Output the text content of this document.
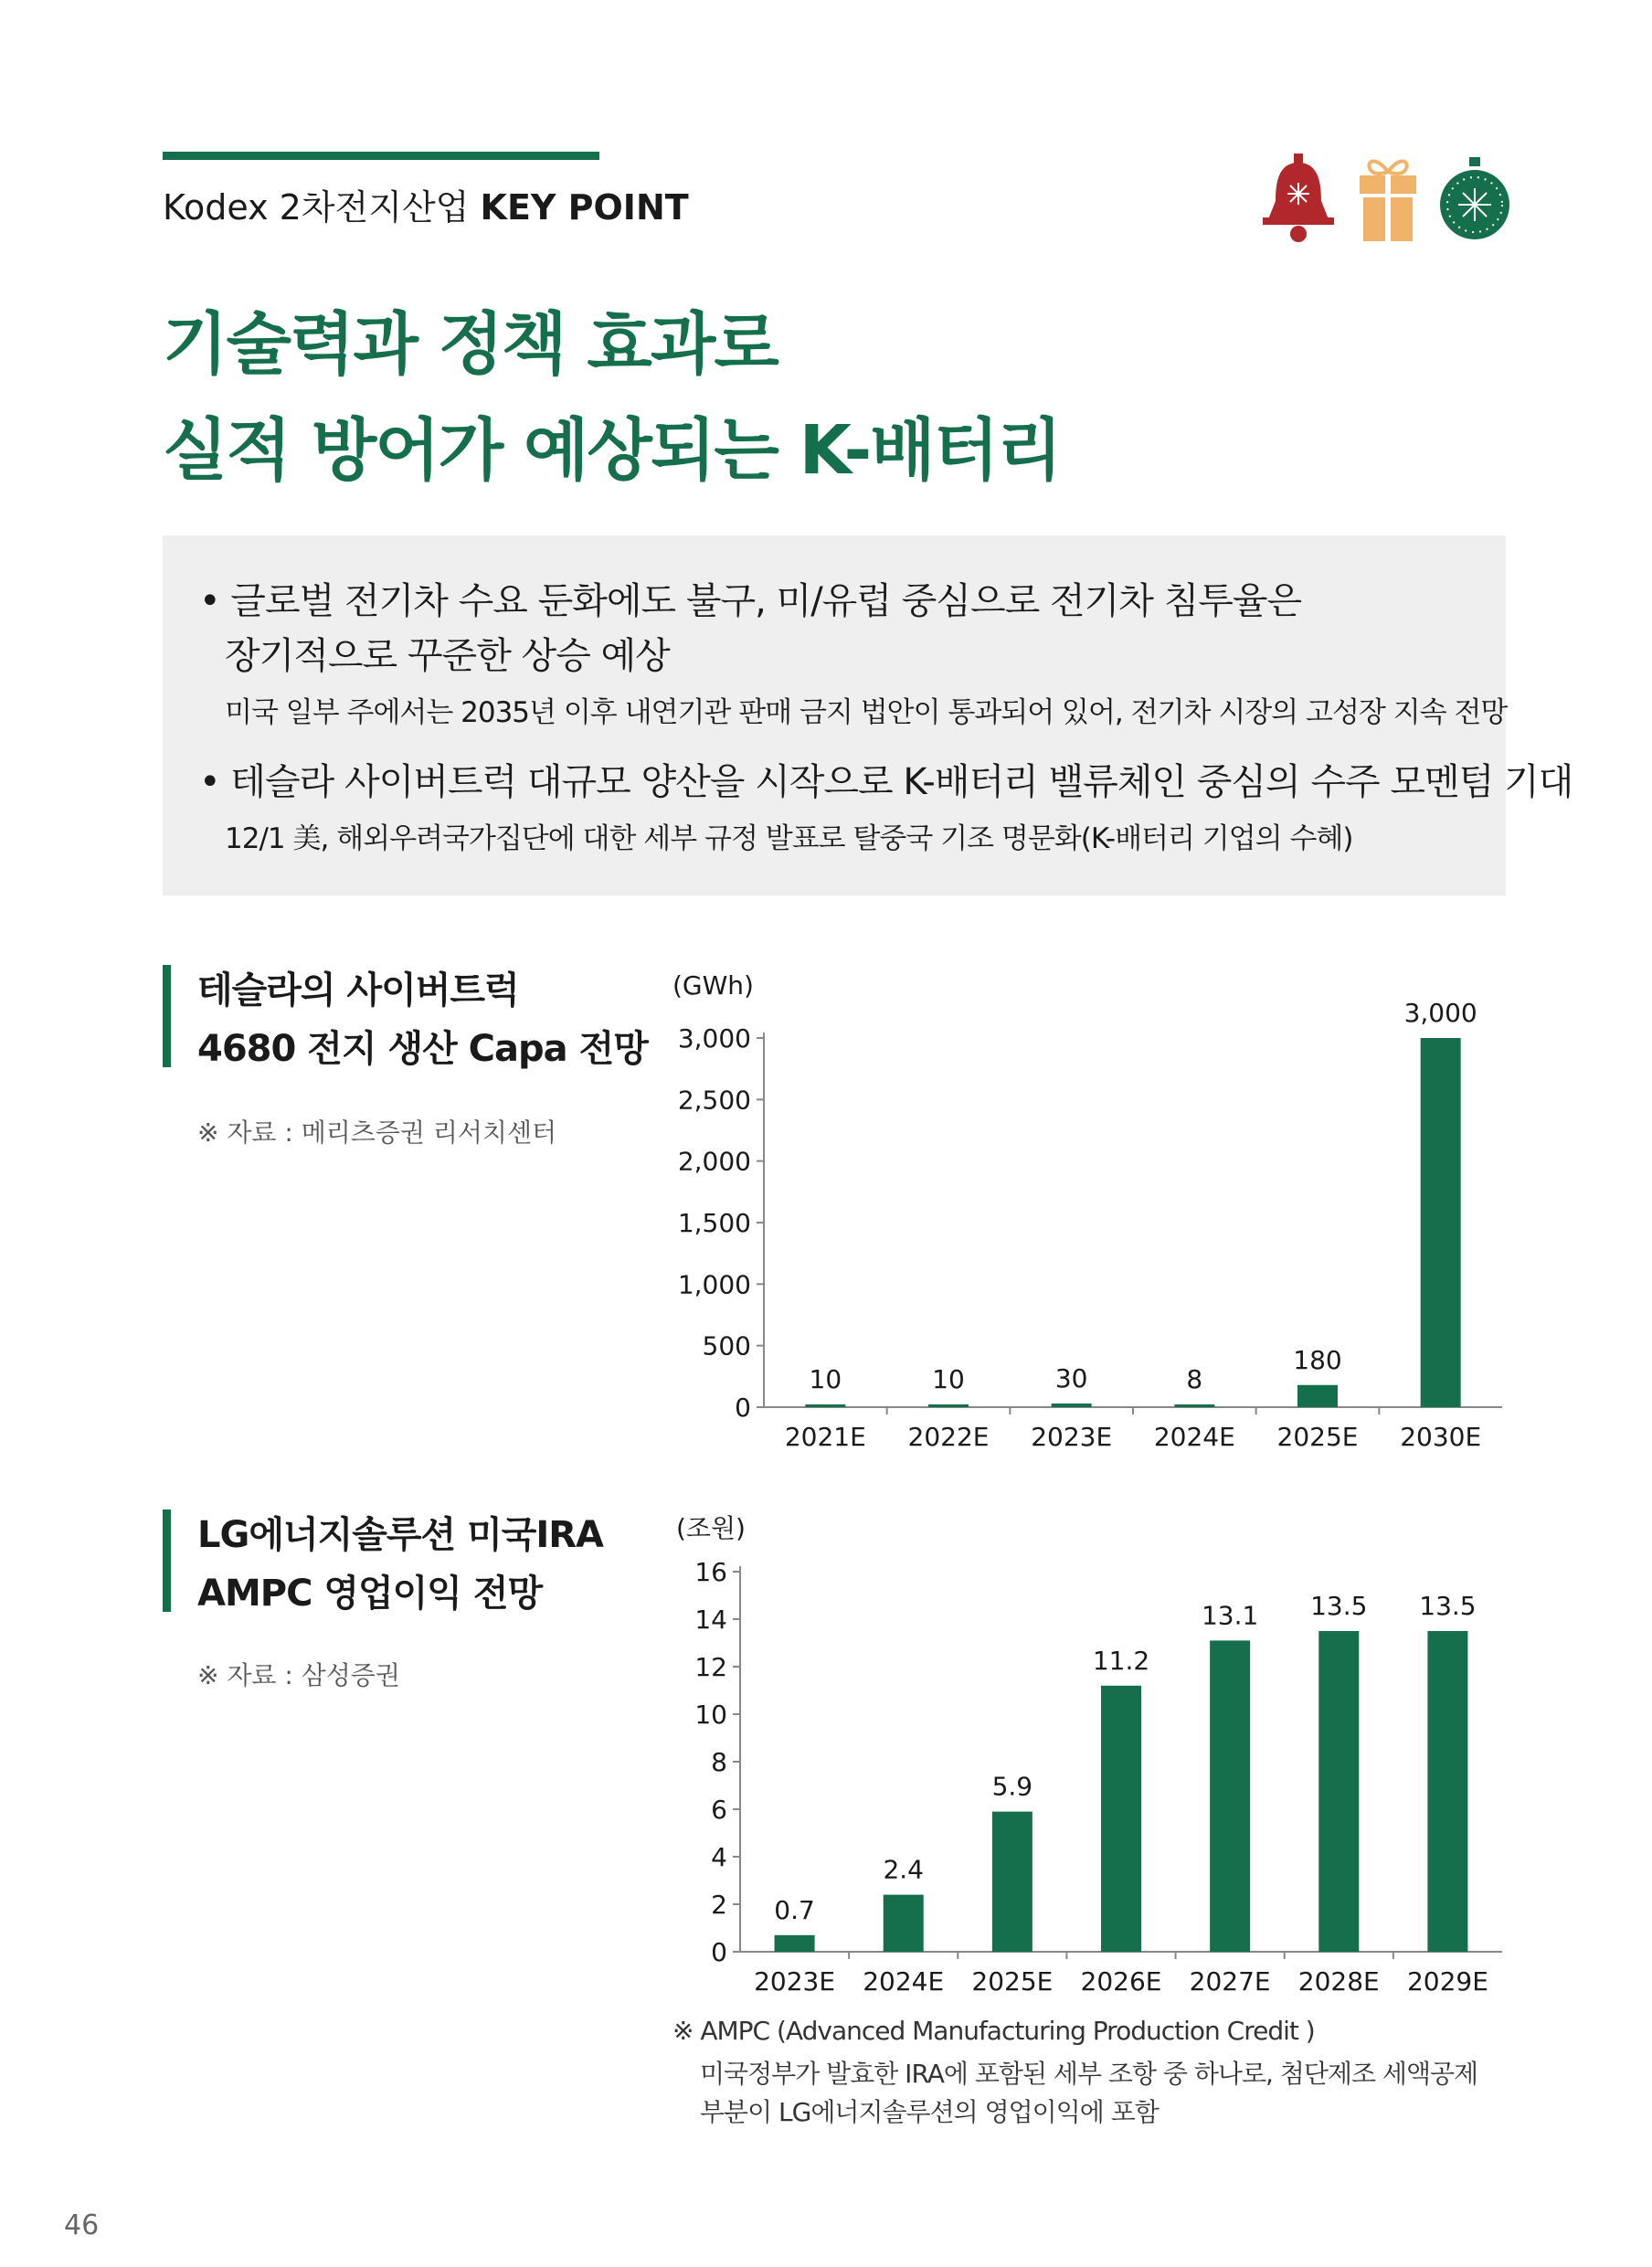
Kodex 2차전지산업 KEY POINT
기술력과 정책 효과로
실적 방어가 예상되는 K-배터리
• 글로벌 전기차 수요 둔화에도 불구, 미/유럽 중심으로 전기차 침투율은
장기적으로 꾸준한 상승 예상
미국 일부 주에서는 2035년 이후 내연기관 판매 금지 법안이 통과되어 있어, 전기차 시장의 고성장 지속 전망
• 테슬라 사이버트럭 대규모 양산을 시작으로 K-배터리 밸류체인 중심의 수주 모멘텀 기대
12/1 美, 해외우려국가집단에 대한 세부 규정 발표로 탈중국 기조 명문화(K-배터리 기업의 수혜)
테슬라의 사이버트럭
4680 전지 생산 Capa 전망
※ 자료 : 메리츠증권 리서치센터
(GWh)
0
500
1,000
1,500
2,000
2,500
3,000
10
2021E
10
2022E
30
2023E
8
2024E
180
2025E
3,000
2030E
LG에너지솔루션 미국IRA
AMPC 영업이익 전망
※ 자료 : 삼성증권
(조원)
0
2
4
6
8
10
12
14
16
0.7
2023E
2.4
2024E
5.9
2025E
11.2
2026E
13.1
2027E
13.5
2028E
13.5
2029E
※ AMPC (Advanced Manufacturing Production Credit )
미국정부가 발효한 IRA에 포함된 세부 조항 중 하나로, 첨단제조 세액공제
부분이 LG에너지솔루션의 영업이익에 포함
46
